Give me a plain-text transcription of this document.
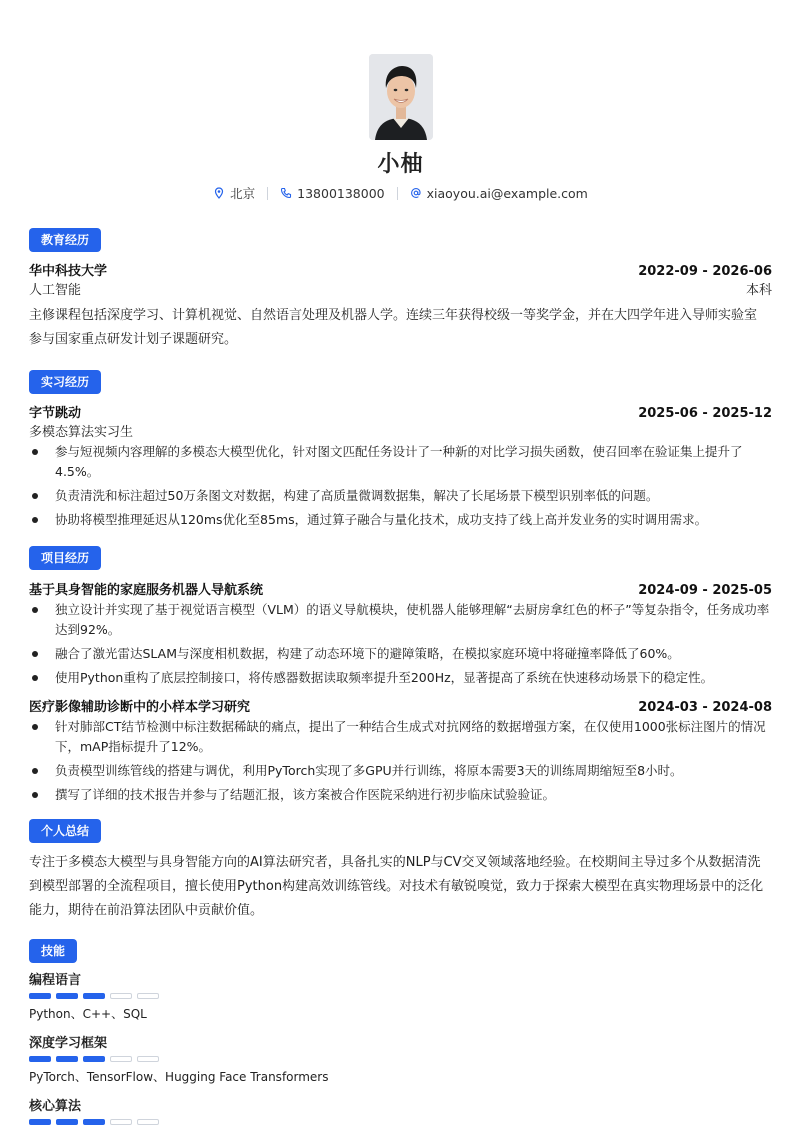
小柚
北京	13800138000	xiaoyou.ai@example.com
教育经历
华中科技大学	2022-09 - 2026-06
人工智能	本科
主修课程包括深度学习、计算机视觉、自然语言处理及机器人学。连续三年获得校级一等奖学金，并在大四学年进入导师实验室
参与国家重点研发计划子课题研究。
实习经历
字节跳动	2025-06 - 2025-12
多模态算法实习生
参与短视频内容理解的多模态大模型优化，针对图文匹配任务设计了一种新的对比学习损失函数，使召回率在验证集上提升了4.5%。
负责清洗和标注超过50万条图文对数据，构建了高质量微调数据集，解决了长尾场景下模型识别率低的问题。
协助将模型推理延迟从120ms优化至85ms，通过算子融合与量化技术，成功支持了线上高并发业务的实时调用需求。
项目经历
基于具身智能的家庭服务机器人导航系统	2024-09 - 2025-05
独立设计并实现了基于视觉语言模型（VLM）的语义导航模块，使机器人能够理解“去厨房拿红色的杯子”等复杂指令，任务成功率达到92%。
融合了激光雷达SLAM与深度相机数据，构建了动态环境下的避障策略，在模拟家庭环境中将碰撞率降低了60%。
使用Python重构了底层控制接口，将传感器数据读取频率提升至200Hz，显著提高了系统在快速移动场景下的稳定性。
医疗影像辅助诊断中的小样本学习研究	2024-03 - 2024-08
针对肺部CT结节检测中标注数据稀缺的痛点，提出了一种结合生成式对抗网络的数据增强方案，在仅使用1000张标注图片的情况下，mAP指标提升了12%。
负责模型训练管线的搭建与调优，利用PyTorch实现了多GPU并行训练，将原本需要3天的训练周期缩短至8小时。
撰写了详细的技术报告并参与了结题汇报，该方案被合作医院采纳进行初步临床试验验证。
个人总结
专注于多模态大模型与具身智能方向的AI算法研究者，具备扎实的NLP与CV交叉领域落地经验。在校期间主导过多个从数据清洗
到模型部署的全流程项目，擅长使用Python构建高效训练管线。对技术有敏锐嗅觉，致力于探索大模型在真实物理场景中的泛化
能力，期待在前沿算法团队中贡献价值。
技能
编程语言
Python、C++、SQL
深度学习框架
PyTorch、TensorFlow、Hugging Face Transformers
核心算法
